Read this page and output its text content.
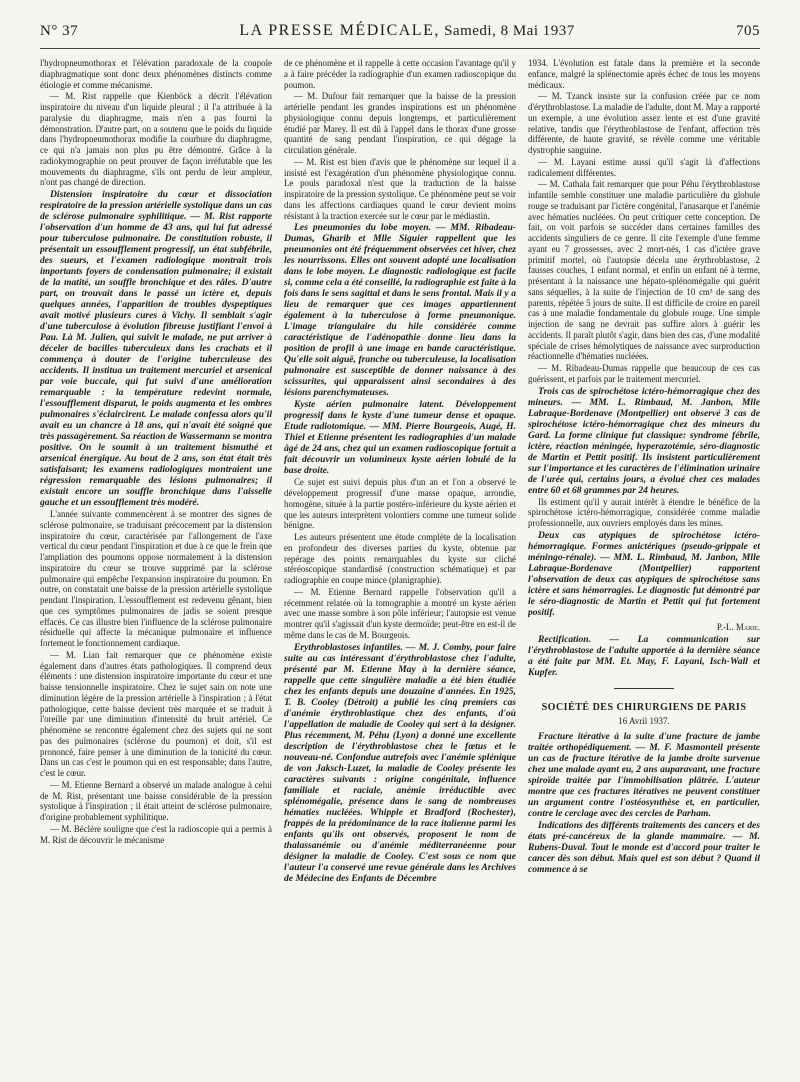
N° 37	LA PRESSE MÉDICALE, Samedi, 8 Mai 1937	705

l'hydropneumothorax et l'élévation paradoxale de la coupole diaphragmatique sont donc deux phénomènes distincts comme étiologie et comme mécanisme.

— M. Rist rappelle que Kienböck a décrit l'élévation inspiratoire du niveau d'un liquide pleural ; il l'a attribuée à la paralysie du diaphragme, mais n'en a pas fourni la démonstration. D'autre part, on a soutenu que le poids du liquide dans l'hydropneumothorax modifie la courbure du diaphragme, ce qui n'a jamais non plus pu être démontré. Grâce à la radiokymographie on peut prouver de façon irréfutable que les mouvements du diaphragme, s'ils ont perdu de leur ampleur, n'ont pas changé de direction.

Distension inspiratoire du cœur et dissociation respiratoire de la pression artérielle systolique dans un cas de sclérose pulmonaire syphilitique. — M. Rist rapporte l'observation d'un homme de 43 ans, qui lui fut adressé pour tuberculose pulmonaire. De constitution robuste, il présentait un essoufflement progressif, un état subfébrile, des sueurs, et l'examen radiologique montrait trois importants foyers de condensation pulmonaire; il existait de la matité, un souffle bronchique et des râles. D'autre part, on trouvait dans le passé un ictère et, depuis quelques années, l'apparition de troubles dyspeptiques avait motivé plusieurs cures à Vichy. Il semblait s'agir d'une tuberculose à évolution fibreuse justifiant l'envoi à Pau. Là M. Julien, qui suivit le malade, ne put arriver à déceler de bacilles tuberculeux dans les crachats et il commença à douter de l'origine tuberculeuse des accidents. Il institua un traitement mercuriel et arsenical par voie buccale, qui fut suivi d'une amélioration remarquable : la température redevint normale, l'essoufflement disparut, le poids augmenta et les ombres pulmonaires s'éclaircirent. Le malade confessa alors qu'il avait eu un chancre à 18 ans, qui n'avait été soigné que très passagèrement. Sa réaction de Wassermann se montra positive. On le soumit à un traitement bismuthé et arsenical énergique. Au bout de 2 ans, son état était très satisfaisant; les examens radiologiques montraient une régression remarquable des lésions pulmonaires; il existait encore un souffle bronchique dans l'aisselle gauche et un essoufflement très modéré.

L'année suivante commencèrent à se montrer des signes de sclérose pulmonaire, se traduisant précocement par la distension inspiratoire du cœur, caractérisée par l'allongement de l'axe vertical du cœur pendant l'inspiration et due à ce que le frein que l'ampliation des poumons oppose normalement à la distension inspiratoire du cœur se trouve supprimé par la sclérose pulmonaire qui empêche l'expansion inspiratoire du poumon. En outre, on constatait une baisse de la pression artérielle systolique pendant l'inspiration. L'essoufflement est redevenu gênant, bien que ces symptômes pulmonaires de jadis se soient presque effacés. Ce cas illustre bien l'influence de la sclérose pulmonaire résiduelle qui affecte la mécanique pulmonaire et influence fortement le fonctionnement cardiaque.

— M. Lian fait remarquer que ce phénomène existe également dans d'autres états pathologiques. Il comprend deux éléments : une distension inspiratoire importante du cœur et une baisse tensionnelle inspiratoire. Chez le sujet sain on note une diminution légère de la pression artérielle à l'inspiration ; à l'état pathologique, cette baisse devient très marquée et se traduit à l'oreille par une diminution d'intensité du bruit artériel. Ce phénomène se rencontre également chez des sujets qui ne sont pas des pulmonaires (sclérose du poumon) et doit, s'il est prononcé, faire penser à une diminution de la tonicité du cœur. Dans un cas c'est le poumon qui en est responsable; dans l'autre, c'est le cœur.

— M. Etienne Bernard a observé un malade analogue à celui de M. Rist, présentant une baisse considérable de la pression systolique à l'inspiration ; il était atteint de sclérose pulmonaire, d'origine probablement syphilitique.

— M. Béclère souligne que c'est la radioscopie qui a permis à M. Rist de découvrir le mécanisme

de ce phénomène et il rappelle à cette occasion l'avantage qu'il y a à faire précéder la radiographie d'un examen radioscopique du poumon.

— M. Dufour fait remarquer que la baisse de la pression artérielle pendant les grandes inspirations est un phénomène physiologique connu depuis longtemps, et particulièrement étudié par Marey. Il est dû à l'appel dans le thorax d'une grosse quantité de sang pendant l'inspiration, ce qui dégage la circulation générale.

— M. Rist est bien d'avis que le phénomène sur lequel il a insisté est l'exagération d'un phénomène physiologique connu. Le pouls paradoxal n'est que la traduction de la baisse inspiratoire de la pression systolique. Ce phénomène peut se voir dans les affections cardiaques quand le cœur devient moins résistant à la traction exercée sur le cœur par le médiastin.

Les pneumonies du lobe moyen. — MM. Ribadeau-Dumas, Gharib et Mlle Siguier rappellent que les pneumonies ont été fréquemment observées cet hiver, chez les nourrissons. Elles ont souvent adopté une localisation dans le lobe moyen. Le diagnostic radiologique est facile si, comme cela a été conseillé, la radiographie est faite à la fois dans le sens sagittal et dans le sens frontal. Mais il y a lieu de remarquer que ces images appartiennent également à la tuberculose à forme pneumonique. L'image triangulaire du hile considérée comme caractéristique de l'adénopathie donne lieu dans la position de profil à une image en bande caractéristique. Qu'elle soit aiguë, franche ou tuberculeuse, la localisation pulmonaire est susceptible de donner naissance à des scissurites, qui apparaissent ainsi secondaires à des lésions parenchymateuses.

Kyste aérien pulmonaire latent. Développement progressif dans le kyste d'une tumeur dense et opaque. Etude radiotomique. — MM. Pierre Bourgeois, Augé, H. Thiel et Etienne présentent les radiographies d'un malade âgé de 24 ans, chez qui un examen radioscopique fortuit a fait découvrir un volumineux kyste aérien lobulé de la base droite.

Ce sujet est suivi depuis plus d'un an et l'on a observé le développement progressif d'une masse opaque, arrondie, homogène, située à la partie postéro-inférieure du kyste aérien et que les auteurs interprètent volontiers comme une tumeur solide bénigne.

Les auteurs présentent une étude complète de la localisation en profondeur des diverses parties du kyste, obtenue par repérage des points remarquables du kyste sur cliché stéréoscopique standardisé (construction schématique) et par radiographie en coupe mince (planigraphie).

— M. Etienne Bernard rappelle l'observation qu'il a récemment relatée où la tomographie a montré un kyste aérien avec une masse sombre à son pôle inférieur; l'autopsie est venue montrer qu'il s'agissait d'un kyste dermoïde; peut-être en est-il de même dans le cas de M. Bourgeois.

Erythroblastoses infantiles. — M. J. Comby, pour faire suite au cas intéressant d'érythroblastose chez l'adulte, présenté par M. Etienne May à la dernière séance, rappelle que cette singulière maladie a été bien étudiée chez les enfants depuis une douzaine d'années. En 1925, T. B. Cooley (Détroit) a publié les cinq premiers cas d'anémie érythroblastique chez des enfants, d'où l'appellation de maladie de Cooley qui sert à la désigner. Plus récemment, M. Péhu (Lyon) a donné une excellente description de l'érythroblastose chez le fœtus et le nouveau-né. Confondue autrefois avec l'anémie splénique de von Jaksch-Luzet, la maladie de Cooley présente les caractères suivants : origine congénitale, influence familiale et raciale, anémie irréductible avec splénomégalie, présence dans le sang de nombreuses hématies nucléées. Whipple et Bradford (Rochester), frappés de la prédominance de la race italienne parmi les enfants qu'ils ont observés, proposent le nom de thalassanémie ou d'anémie méditerranéenne pour désigner la maladie de Cooley. C'est sous ce nom que l'auteur l'a conservé une revue générale dans les Archives de Médecine des Enfants de Décembre

1934. L'évolution est fatale dans la première et la seconde enfance, malgré la splénectomie après échec de tous les moyens médicaux.

— M. Tzanck insiste sur la confusion créée par ce nom d'érythroblastose. La maladie de l'adulte, dont M. May a rapporté un exemple, a une évolution assez lente et est d'une gravité relative, tandis que l'érythroblastose de l'enfant, affection très différente, de haute gravité, se révèle comme une véritable dystrophie sanguine.

— M. Layani estime aussi qu'il s'agit là d'affections radicalement différentes.

— M. Cathala fait remarquer que pour Péhu l'érythroblastose infantile semble constituer une maladie particulière du globule rouge se traduisant par l'ictère congénital, l'anasarque et l'anémie avec hématies nucléées. On peut critiquer cette conception. De fait, on voit parfois se succéder dans certaines familles des accidents singuliers de ce genre. Il cite l'exemple d'une femme ayant eu 7 grossesses, avec 2 mort-nés, 1 cas d'ictère grave primitif mortel, où l'autopsie décela une érythroblastose, 2 fausses couches, 1 enfant normal, et enfin un enfant né à terme, présentant à la naissance une hépato-splénomégalie qui guérit sans séquelles, à la suite de l'injection de 10 cm³ de sang des parents, répétée 5 jours de suite. Il est difficile de croire en pareil cas à une maladie fondamentale du globule rouge. Une simple injection de sang ne devrait pas suffire alors à guérir les accidents. Il paraît plutôt s'agir, dans bien des cas, d'une modalité spéciale de crises hémolytiques de naissance avec surproduction réactionnelle d'hématies nucléées.

— M. Ribadeau-Dumas rappelle que beaucoup de ces cas guérissent, et parfois par le traitement mercuriel.

Trois cas de spirochétose ictéro-hémorragique chez des mineurs. — MM. L. Rimbaud, M. Janbon, Mlle Labraque-Bordenave (Montpellier) ont observé 3 cas de spirochétose ictéro-hémorragique chez des mineurs du Gard. La forme clinique fut classique: syndrome fébrile, ictère, réaction méningée, hyperazotémie, séro-diagnostic de Martin et Pettit positif. Ils insistent particulièrement sur l'importance et les caractères de l'élimination urinaire de l'urée qui, certains jours, a évolué chez ces malades entre 60 et 68 grammes par 24 heures.

Ils estiment qu'il y aurait intérêt à étendre le bénéfice de la spirochétose ictéro-hémorragique, considérée comme maladie professionnelle, aux ouvriers employés dans les mines.

Deux cas atypiques de spirochétose ictéro-hémorragique. Formes anictériques (pseudo-grippale et méningo-rénale). — MM. L. Rimbaud, M. Janbon, Mlle Labraque-Bordenave (Montpellier) rapportent l'observation de deux cas atypiques de spirochétose sans ictère et sans hémorragies. Le diagnostic fut démontré par le séro-diagnostic de Martin et Pettit qui fut fortement positif.

P.-L. Marie.

Rectification. — La communication sur l'érythroblastose de l'adulte apportée à la dernière séance a été faite par MM. Et. May, F. Layani, Isch-Wall et Kupfer.

SOCIÉTÉ DES CHIRURGIENS DE PARIS
16 Avril 1937.

Fracture itérative à la suite d'une fracture de jambe traitée orthopédiquement. — M. F. Masmonteil présente un cas de fracture itérative de la jambe droite survenue chez une malade ayant eu, 2 ans auparavant, une fracture spiroïde traitée par l'immobilisation plâtrée. L'auteur montre que ces fractures itératives ne peuvent constituer un argument contre l'ostéosynthèse et, en particulier, contre le cerclage avec des cercles de Parham.

Indications des différents traitements des cancers et des états pré-cancéreux de la glande mammaire. — M. Rubens-Duval. Tout le monde est d'accord pour traiter le cancer dès son début. Mais quel est son début ? Quand il commence à se
